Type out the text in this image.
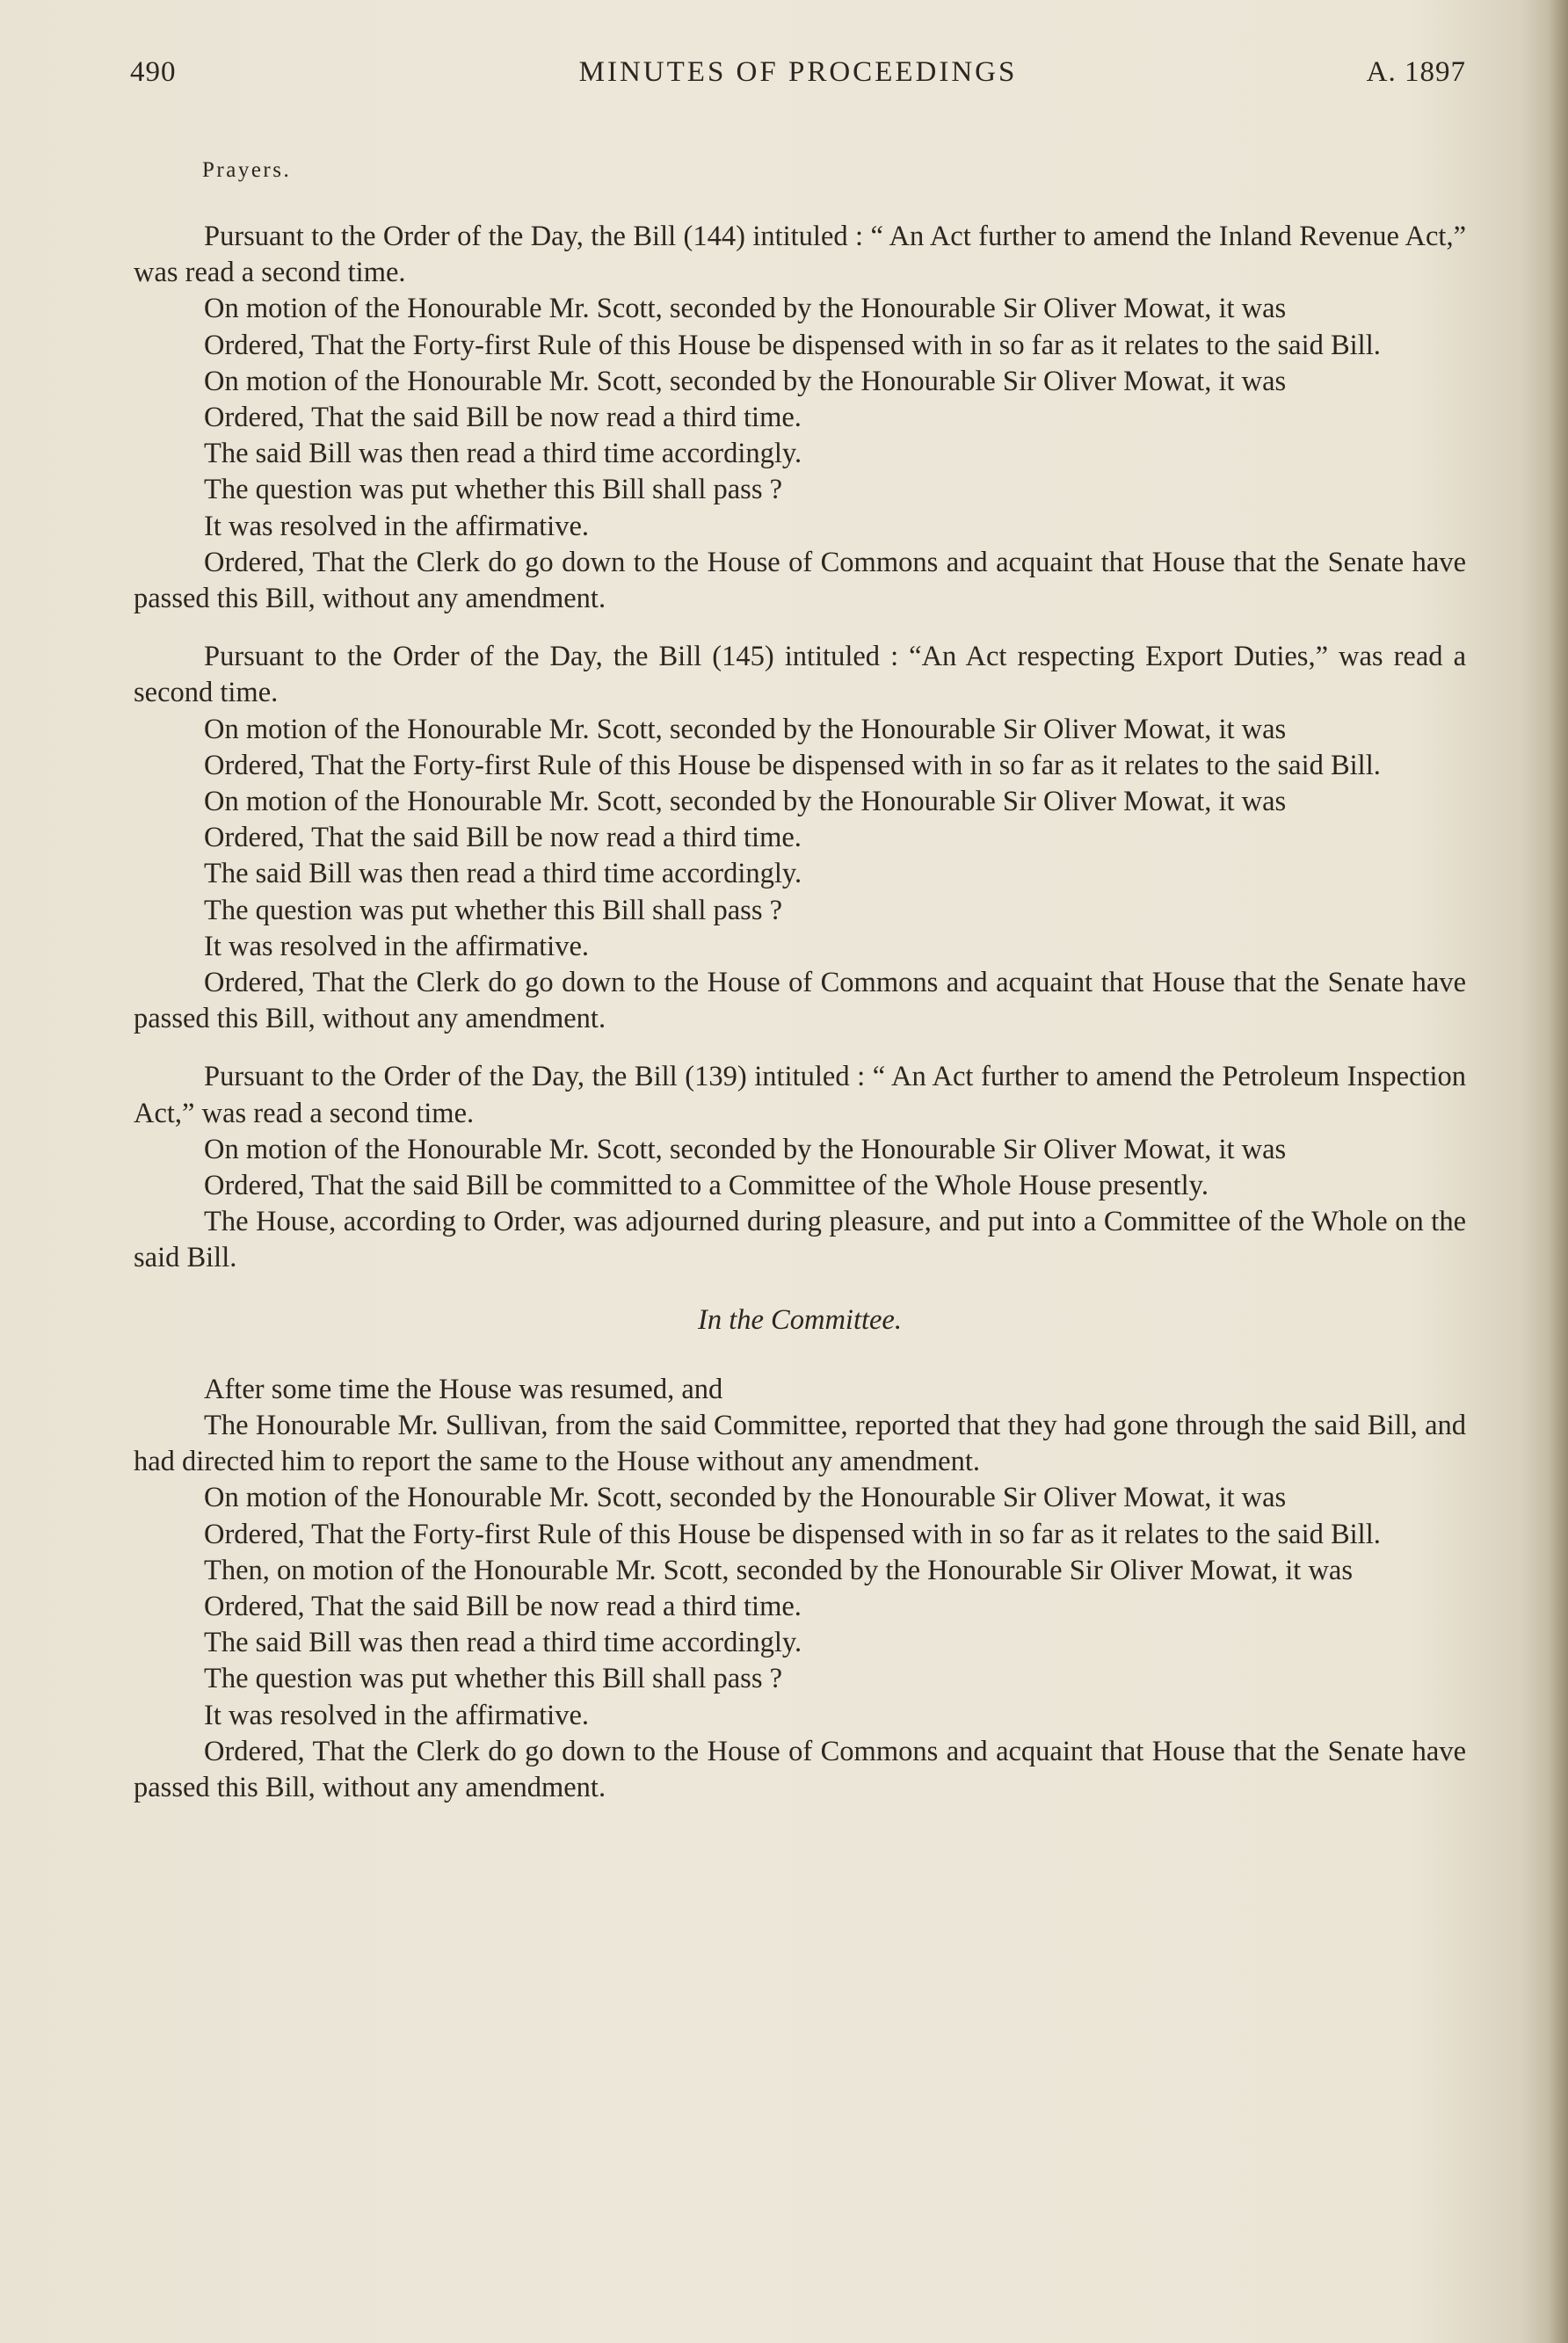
MINUTES OF PROCEEDINGS
490	A. 1897
Prayers.

Pursuant to the Order of the Day, the Bill (144) intituled : “ An Act further to amend the Inland Revenue Act,” was read a second time.

On motion of the Honourable Mr. Scott, seconded by the Honourable Sir Oliver Mowat, it was

Ordered, That the Forty-first Rule of this House be dispensed with in so far as it relates to the said Bill.

On motion of the Honourable Mr. Scott, seconded by the Honourable Sir Oliver Mowat, it was

Ordered, That the said Bill be now read a third time.

The said Bill was then read a third time accordingly.

The question was put whether this Bill shall pass ?

It was resolved in the affirmative.

Ordered, That the Clerk do go down to the House of Commons and acquaint that House that the Senate have passed this Bill, without any amendment.

Pursuant to the Order of the Day, the Bill (145) intituled : “An Act respecting Export Duties,” was read a second time.

On motion of the Honourable Mr. Scott, seconded by the Honourable Sir Oliver Mowat, it was

Ordered, That the Forty-first Rule of this House be dispensed with in so far as it relates to the said Bill.

On motion of the Honourable Mr. Scott, seconded by the Honourable Sir Oliver Mowat, it was

Ordered, That the said Bill be now read a third time.

The said Bill was then read a third time accordingly.

The question was put whether this Bill shall pass ?

It was resolved in the affirmative.

Ordered, That the Clerk do go down to the House of Commons and acquaint that House that the Senate have passed this Bill, without any amendment.

Pursuant to the Order of the Day, the Bill (139) intituled : “ An Act further to amend the Petroleum Inspection Act,” was read a second time.

On motion of the Honourable Mr. Scott, seconded by the Honourable Sir Oliver Mowat, it was

Ordered, That the said Bill be committed to a Committee of the Whole House presently.

The House, according to Order, was adjourned during pleasure, and put into a Committee of the Whole on the said Bill.

In the Committee.

After some time the House was resumed, and

The Honourable Mr. Sullivan, from the said Committee, reported that they had gone through the said Bill, and had directed him to report the same to the House without any amendment.

On motion of the Honourable Mr. Scott, seconded by the Honourable Sir Oliver Mowat, it was

Ordered, That the Forty-first Rule of this House be dispensed with in so far as it relates to the said Bill.

Then, on motion of the Honourable Mr. Scott, seconded by the Honourable Sir Oliver Mowat, it was

Ordered, That the said Bill be now read a third time.

The said Bill was then read a third time accordingly.

The question was put whether this Bill shall pass ?

It was resolved in the affirmative.

Ordered, That the Clerk do go down to the House of Commons and acquaint that House that the Senate have passed this Bill, without any amendment.
